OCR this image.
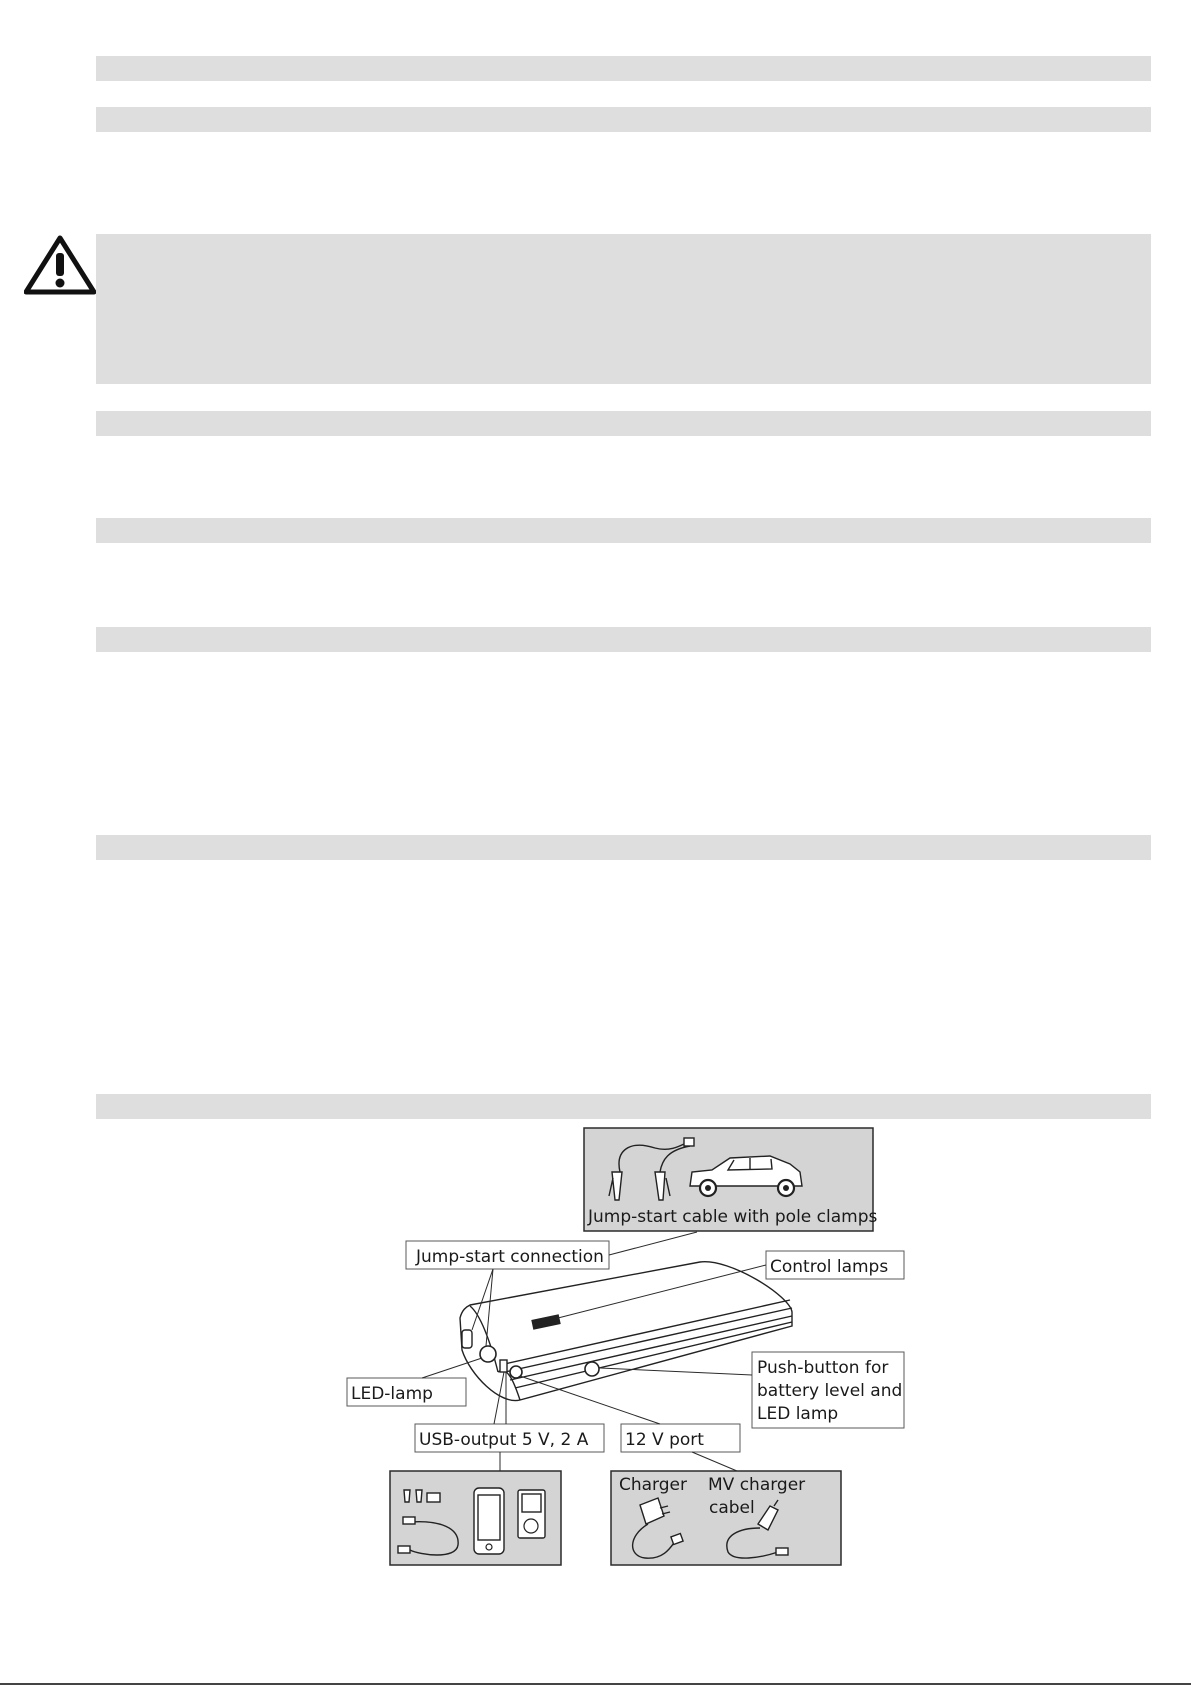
Jump-start cable with pole clamps
Jump-start connection	Control lamps
LED-lamp
Push-button for
battery level and
LED lamp
USB-output 5 V, 2 A 12 V port
Charger MV charger
cabel
